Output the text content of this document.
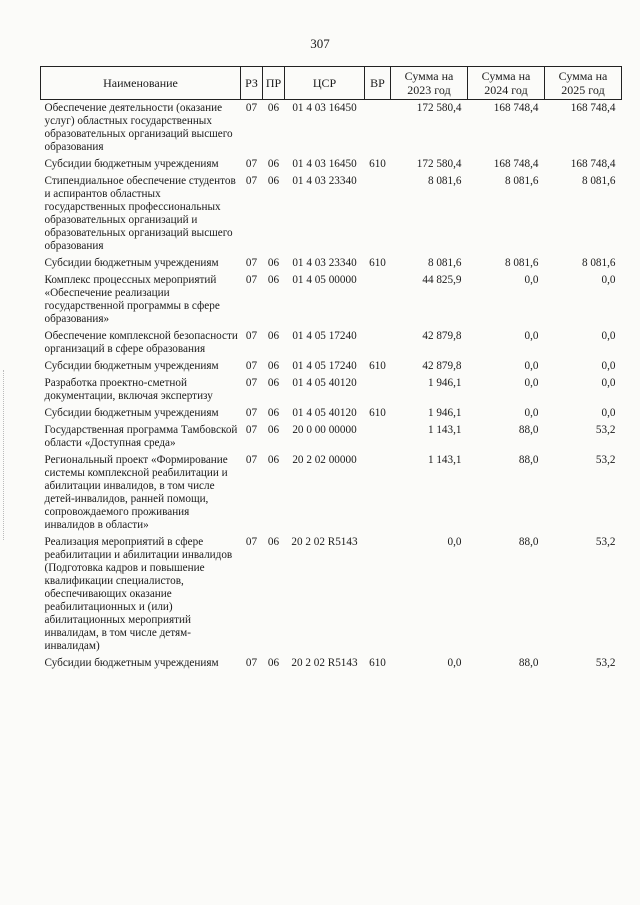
307
Наименование	РЗ	ПР	ЦСР	ВР	Сумма на 2023 год	Сумма на 2024 год	Сумма на 2025 год
Обеспечение деятельности (оказание услуг) областных государственных образовательных организаций высшего образования	07	06	01 4 03 16450		172 580,4	168 748,4	168 748,4
Субсидии бюджетным учреждениям	07	06	01 4 03 16450	610	172 580,4	168 748,4	168 748,4
Стипендиальное обеспечение студентов и аспирантов областных государственных профессиональных образовательных организаций и образовательных организаций высшего образования	07	06	01 4 03 23340		8 081,6	8 081,6	8 081,6
Субсидии бюджетным учреждениям	07	06	01 4 03 23340	610	8 081,6	8 081,6	8 081,6
Комплекс процессных мероприятий «Обеспечение реализации государственной программы в сфере образования»	07	06	01 4 05 00000		44 825,9	0,0	0,0
Обеспечение комплексной безопасности организаций в сфере образования	07	06	01 4 05 17240		42 879,8	0,0	0,0
Субсидии бюджетным учреждениям	07	06	01 4 05 17240	610	42 879,8	0,0	0,0
Разработка проектно-сметной документации, включая экспертизу	07	06	01 4 05 40120		1 946,1	0,0	0,0
Субсидии бюджетным учреждениям	07	06	01 4 05 40120	610	1 946,1	0,0	0,0
Государственная программа Тамбовской области «Доступная среда»	07	06	20 0 00 00000		1 143,1	88,0	53,2
Региональный проект «Формирование системы комплексной реабилитации и абилитации инвалидов, в том числе детей-инвалидов, ранней помощи, сопровождаемого проживания инвалидов в области»	07	06	20 2 02 00000		1 143,1	88,0	53,2
Реализация мероприятий в сфере реабилитации и абилитации инвалидов (Подготовка кадров и повышение квалификации специалистов, обеспечивающих оказание реабилитационных и (или) абилитационных мероприятий инвалидам, в том числе детям-инвалидам)	07	06	20 2 02 R5143		0,0	88,0	53,2
Субсидии бюджетным учреждениям	07	06	20 2 02 R5143	610	0,0	88,0	53,2
